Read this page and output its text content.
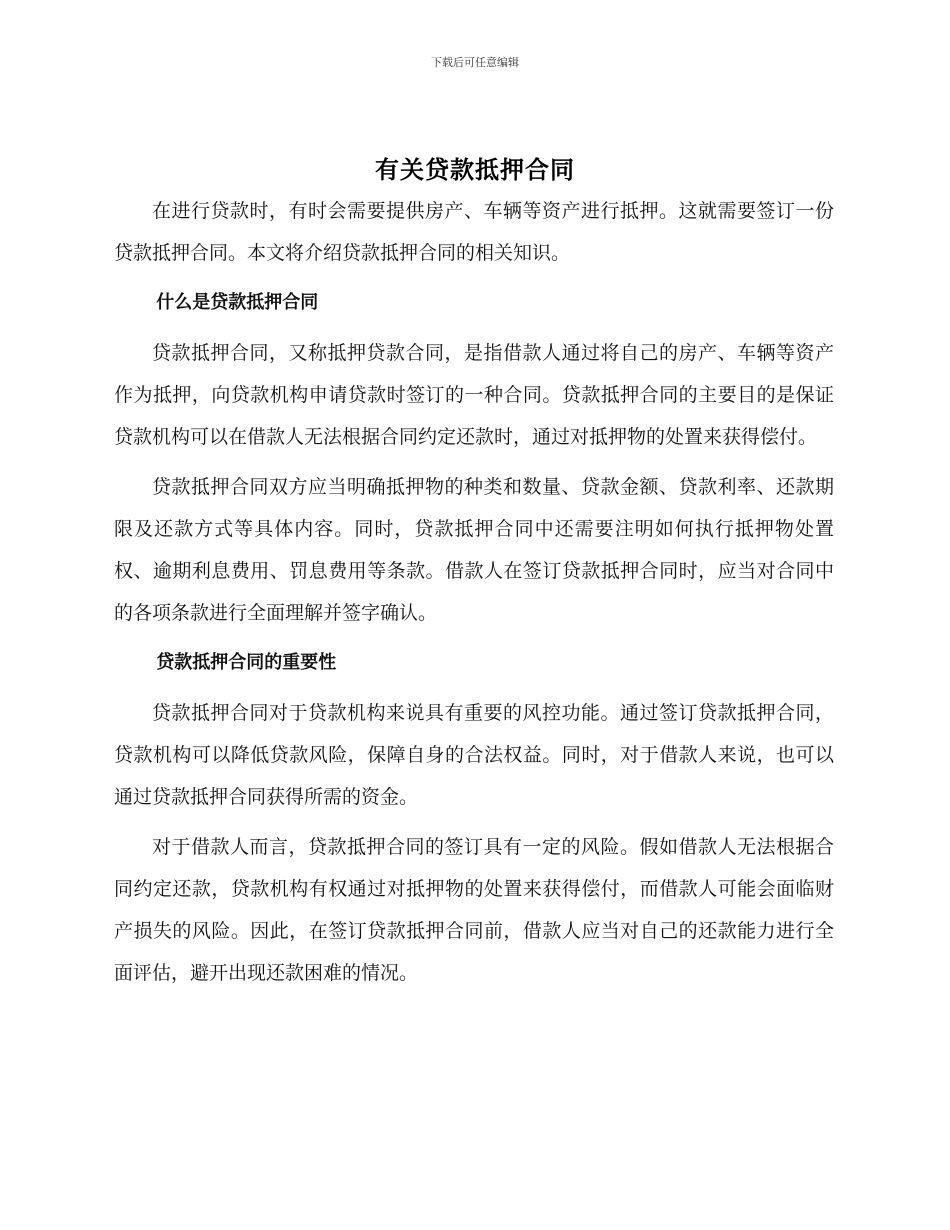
下载后可任意编辑
有关贷款抵押合同

在进行贷款时，有时会需要提供房产、车辆等资产进行抵押。这就需要签订一份贷款抵押合同。本文将介绍贷款抵押合同的相关知识。

什么是贷款抵押合同

贷款抵押合同，又称抵押贷款合同，是指借款人通过将自己的房产、车辆等资产作为抵押，向贷款机构申请贷款时签订的一种合同。贷款抵押合同的主要目的是保证贷款机构可以在借款人无法根据合同约定还款时，通过对抵押物的处置来获得偿付。

贷款抵押合同双方应当明确抵押物的种类和数量、贷款金额、贷款利率、还款期限及还款方式等具体内容。同时，贷款抵押合同中还需要注明如何执行抵押物处置权、逾期利息费用、罚息费用等条款。借款人在签订贷款抵押合同时，应当对合同中的各项条款进行全面理解并签字确认。

贷款抵押合同的重要性

贷款抵押合同对于贷款机构来说具有重要的风控功能。通过签订贷款抵押合同，贷款机构可以降低贷款风险，保障自身的合法权益。同时，对于借款人来说，也可以通过贷款抵押合同获得所需的资金。

对于借款人而言，贷款抵押合同的签订具有一定的风险。假如借款人无法根据合同约定还款，贷款机构有权通过对抵押物的处置来获得偿付，而借款人可能会面临财产损失的风险。因此，在签订贷款抵押合同前，借款人应当对自己的还款能力进行全面评估，避开出现还款困难的情况。
